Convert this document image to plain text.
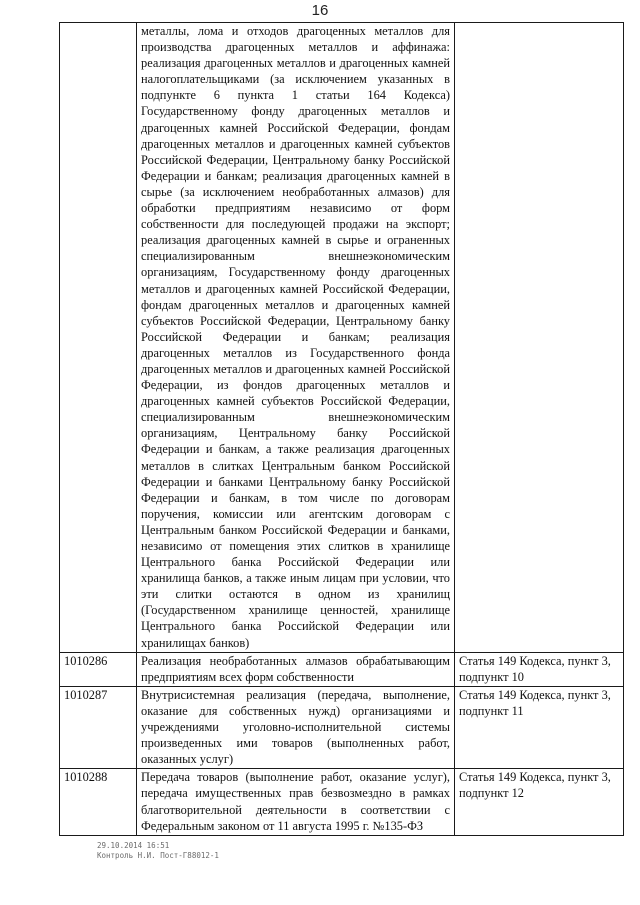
16
	металлы, лома и отходов драгоценных металлов для производства драгоценных металлов и аффинажа: реализация драгоценных металлов и драгоценных камней налогоплательщиками (за исключением указанных в подпункте 6 пункта 1 статьи 164 Кодекса) Государственному фонду драгоценных металлов и драгоценных камней Российской Федерации, фондам драгоценных металлов и драгоценных камней субъектов Российской Федерации, Центральному банку Российской Федерации и банкам; реализация драгоценных камней в сырье (за исключением необработанных алмазов) для обработки предприятиям независимо от форм собственности для последующей продажи на экспорт; реализация драгоценных камней в сырье и ограненных специализированным внешнеэкономическим организациям, Государственному фонду драгоценных металлов и драгоценных камней Российской Федерации, фондам драгоценных металлов и драгоценных камней субъектов Российской Федерации, Центральному банку Российской Федерации и банкам; реализация драгоценных металлов из Государственного фонда драгоценных металлов и драгоценных камней Российской Федерации, из фондов драгоценных металлов и драгоценных камней субъектов Российской Федерации, специализированным внешнеэкономическим организациям, Центральному банку Российской Федерации и банкам, а также реализация драгоценных металлов в слитках Центральным банком Российской Федерации и банками Центральному банку Российской Федерации и банкам, в том числе по договорам поручения, комиссии или агентским договорам с Центральным банком Российской Федерации и банками, независимо от помещения этих слитков в хранилище Центрального банка Российской Федерации или хранилища банков, а также иным лицам при условии, что эти слитки остаются в одном из хранилищ (Государственном хранилище ценностей, хранилище Центрального банка Российской Федерации или хранилищах банков)	
1010286	Реализация необработанных алмазов обрабатывающим предприятиям всех форм собственности	Статья 149 Кодекса, пункт 3, подпункт 10
1010287	Внутрисистемная реализация (передача, выполнение, оказание для собственных нужд) организациями и учреждениями уголовно-исполнительной системы произведенных ими товаров (выполненных работ, оказанных услуг)	Статья 149 Кодекса, пункт 3, подпункт 11
1010288	Передача товаров (выполнение работ, оказание услуг), передача имущественных прав безвозмездно в рамках благотворительной деятельности в соответствии с Федеральным законом от 11 августа 1995 г. №135-ФЗ	Статья 149 Кодекса, пункт 3, подпункт 12
29.10.2014 16:51
Контроль Н.И. Пост-Г88012-1
